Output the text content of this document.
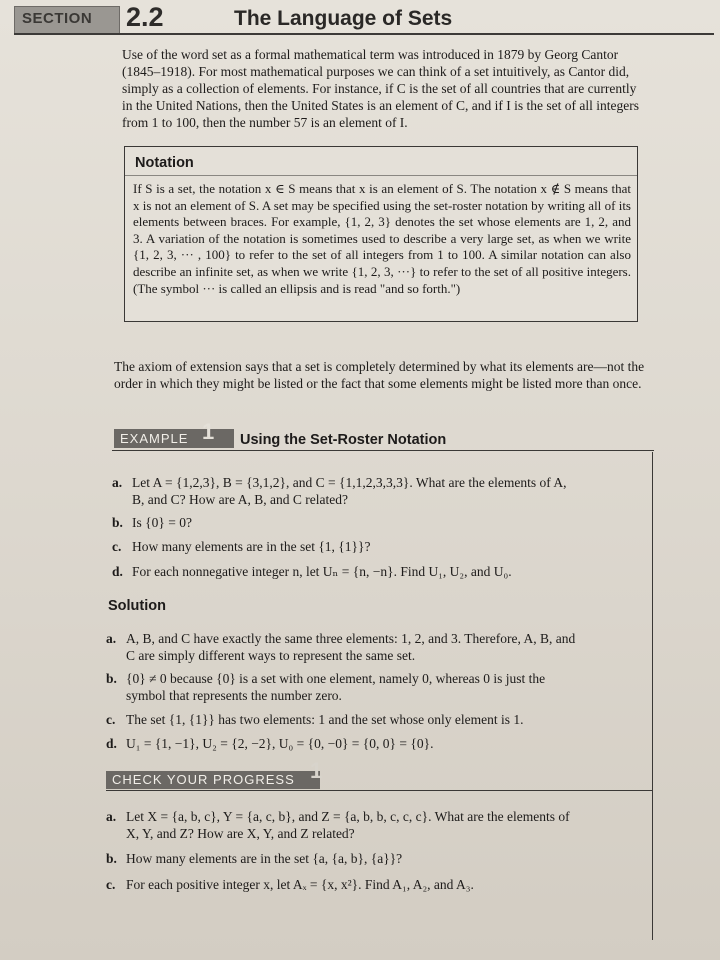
SECTION 2.2	The Language of Sets
Use of the word set as a formal mathematical term was introduced in 1879 by Georg Cantor (1845–1918). For most mathematical purposes we can think of a set intuitively, as Cantor did, simply as a collection of elements. For instance, if C is the set of all countries that are currently in the United Nations, then the United States is an element of C, and if I is the set of all integers from 1 to 100, then the number 57 is an element of I.
Notation
If S is a set, the notation x ∈ S means that x is an element of S. The notation x ∉ S means that x is not an element of S. A set may be specified using the set-roster notation by writing all of its elements between braces. For example, {1, 2, 3} denotes the set whose elements are 1, 2, and 3. A variation of the notation is sometimes used to describe a very large set, as when we write {1, 2, 3, ··· , 100} to refer to the set of all integers from 1 to 100. A similar notation can also describe an infinite set, as when we write {1, 2, 3, ···} to refer to the set of all positive integers. (The symbol ··· is called an ellipsis and is read "and so forth.")
The axiom of extension says that a set is completely determined by what its elements are—not the order in which they might be listed or the fact that some elements might be listed more than once.
EXAMPLE 1 Using the Set-Roster Notation
a. Let A = {1,2,3}, B = {3,1,2}, and C = {1,1,2,3,3,3}. What are the elements of A,
B, and C? How are A, B, and C related?
b. Is {0} = 0?
c. How many elements are in the set {1, {1}}?
d. For each nonnegative integer n, let Uₙ = {n, −n}. Find U₁, U₂, and U₀.
Solution
a. A, B, and C have exactly the same three elements: 1, 2, and 3. Therefore, A, B, and
C are simply different ways to represent the same set.
b. {0} ≠ 0 because {0} is a set with one element, namely 0, whereas 0 is just the
symbol that represents the number zero.
c. The set {1, {1}} has two elements: 1 and the set whose only element is 1.
d. U₁ = {1, −1}, U₂ = {2, −2}, U₀ = {0, −0} = {0, 0} = {0}.
CHECK YOUR PROGRESS 1
a. Let X = {a, b, c}, Y = {a, c, b}, and Z = {a, b, b, c, c, c}. What are the elements of
X, Y, and Z? How are X, Y, and Z related?
b. How many elements are in the set {a, {a, b}, {a}}?
c. For each positive integer x, let Aₓ = {x, x²}. Find A₁, A₂, and A₃.
